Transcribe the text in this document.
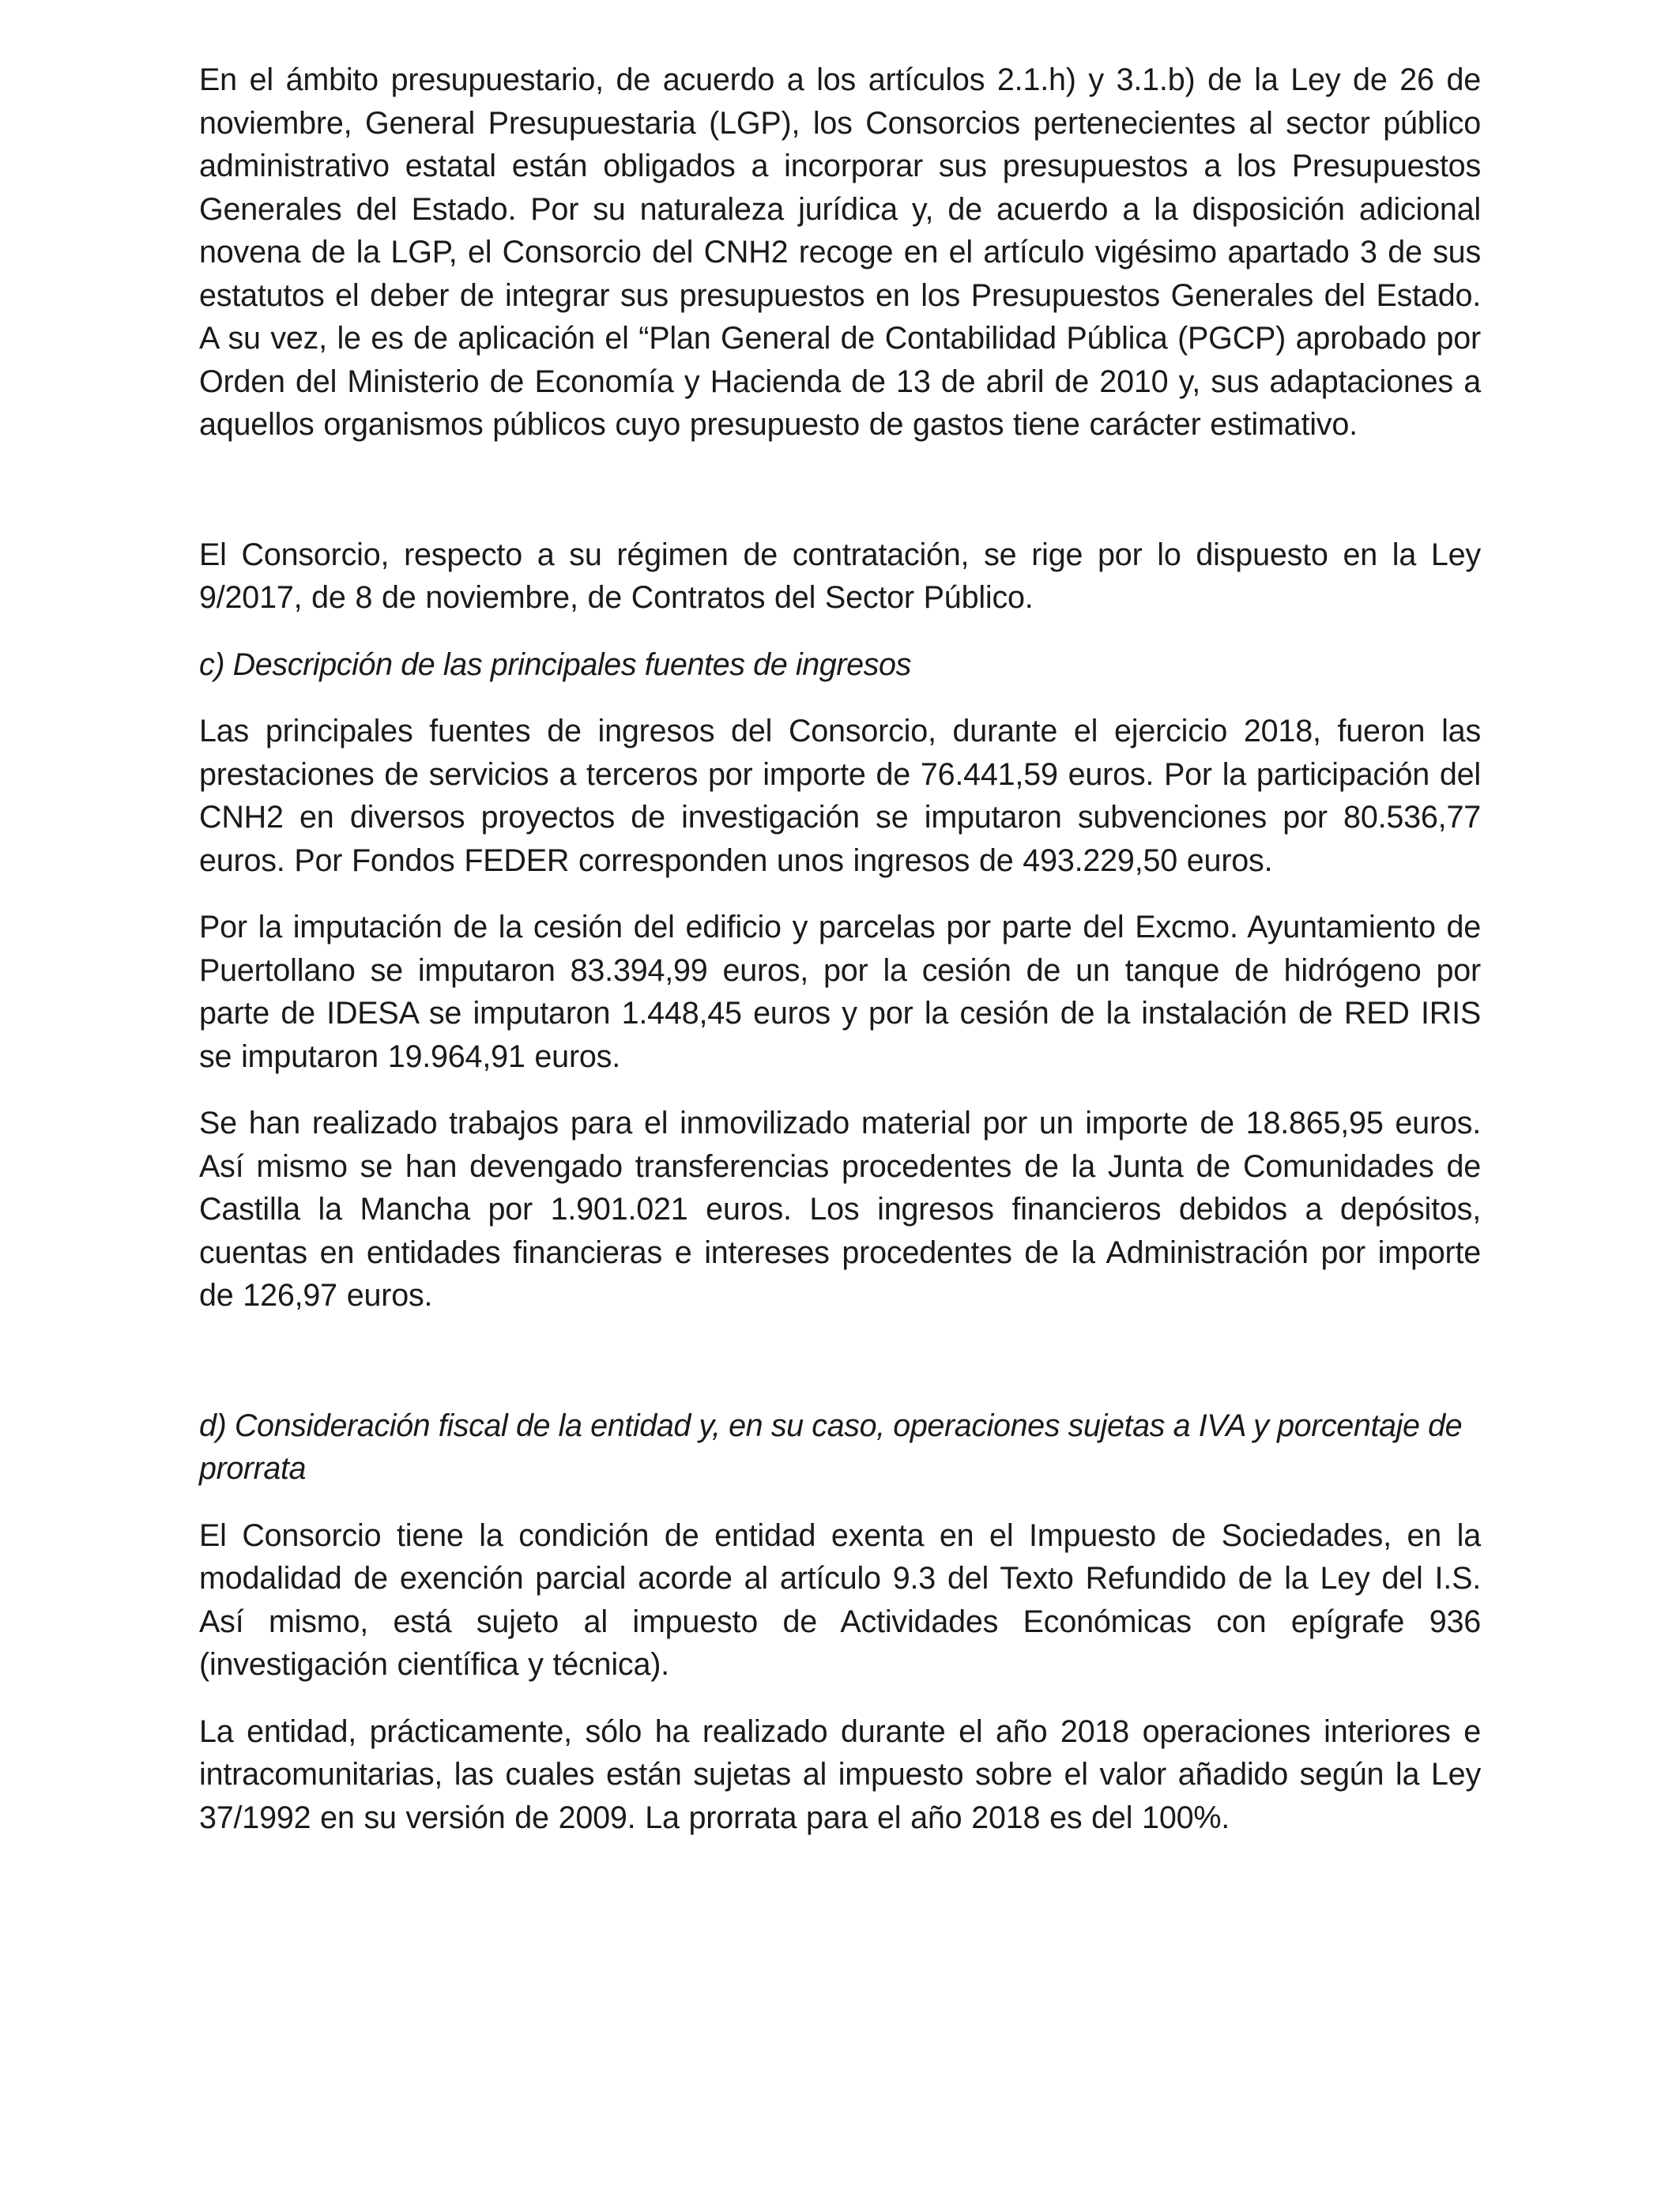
En el ámbito presupuestario, de acuerdo a los artículos 2.1.h) y 3.1.b) de la Ley de 26 de noviembre, General Presupuestaria (LGP), los Consorcios pertenecientes al sector público administrativo estatal están obligados a incorporar sus presupuestos a los Presupuestos Generales del Estado. Por su naturaleza jurídica y, de acuerdo a la disposición adicional novena de la LGP, el Consorcio del CNH2 recoge en el artículo vigésimo apartado 3 de sus estatutos el deber de integrar sus presupuestos en los Presupuestos Generales del Estado. A su vez, le es de aplicación el “Plan General de Contabilidad Pública (PGCP) aprobado por Orden del Ministerio de Economía y Hacienda de 13 de abril de 2010 y, sus adaptaciones a aquellos organismos públicos cuyo presupuesto de gastos tiene carácter estimativo.

El Consorcio, respecto a su régimen de contratación, se rige por lo dispuesto en la Ley 9/2017, de 8 de noviembre, de Contratos del Sector Público.

c) Descripción de las principales fuentes de ingresos

Las principales fuentes de ingresos del Consorcio, durante el ejercicio 2018, fueron las prestaciones de servicios a terceros por importe de 76.441,59 euros. Por la participación del CNH2 en diversos proyectos de investigación se imputaron subvenciones por 80.536,77 euros. Por Fondos FEDER corresponden unos ingresos de 493.229,50 euros.

Por la imputación de la cesión del edificio y parcelas por parte del Excmo. Ayuntamiento de Puertollano se imputaron 83.394,99 euros, por la cesión de un tanque de hidrógeno por parte de IDESA se imputaron 1.448,45 euros y por la cesión de la instalación de RED IRIS se imputaron 19.964,91 euros.

Se han realizado trabajos para el inmovilizado material por un importe de 18.865,95 euros. Así mismo se han devengado transferencias procedentes de la Junta de Comunidades de Castilla la Mancha por 1.901.021 euros. Los ingresos financieros debidos a depósitos, cuentas en entidades financieras e intereses procedentes de la Administración por importe de 126,97 euros.

d) Consideración fiscal de la entidad y, en su caso, operaciones sujetas a IVA y porcentaje de prorrata

El Consorcio tiene la condición de entidad exenta en el Impuesto de Sociedades, en la modalidad de exención parcial acorde al artículo 9.3 del Texto Refundido de la Ley del I.S. Así mismo, está sujeto al impuesto de Actividades Económicas con epígrafe 936 (investigación científica y técnica).

La entidad, prácticamente, sólo ha realizado durante el año 2018 operaciones interiores e intracomunitarias, las cuales están sujetas al impuesto sobre el valor añadido según la Ley 37/1992 en su versión de 2009. La prorrata para el año 2018 es del 100%.
